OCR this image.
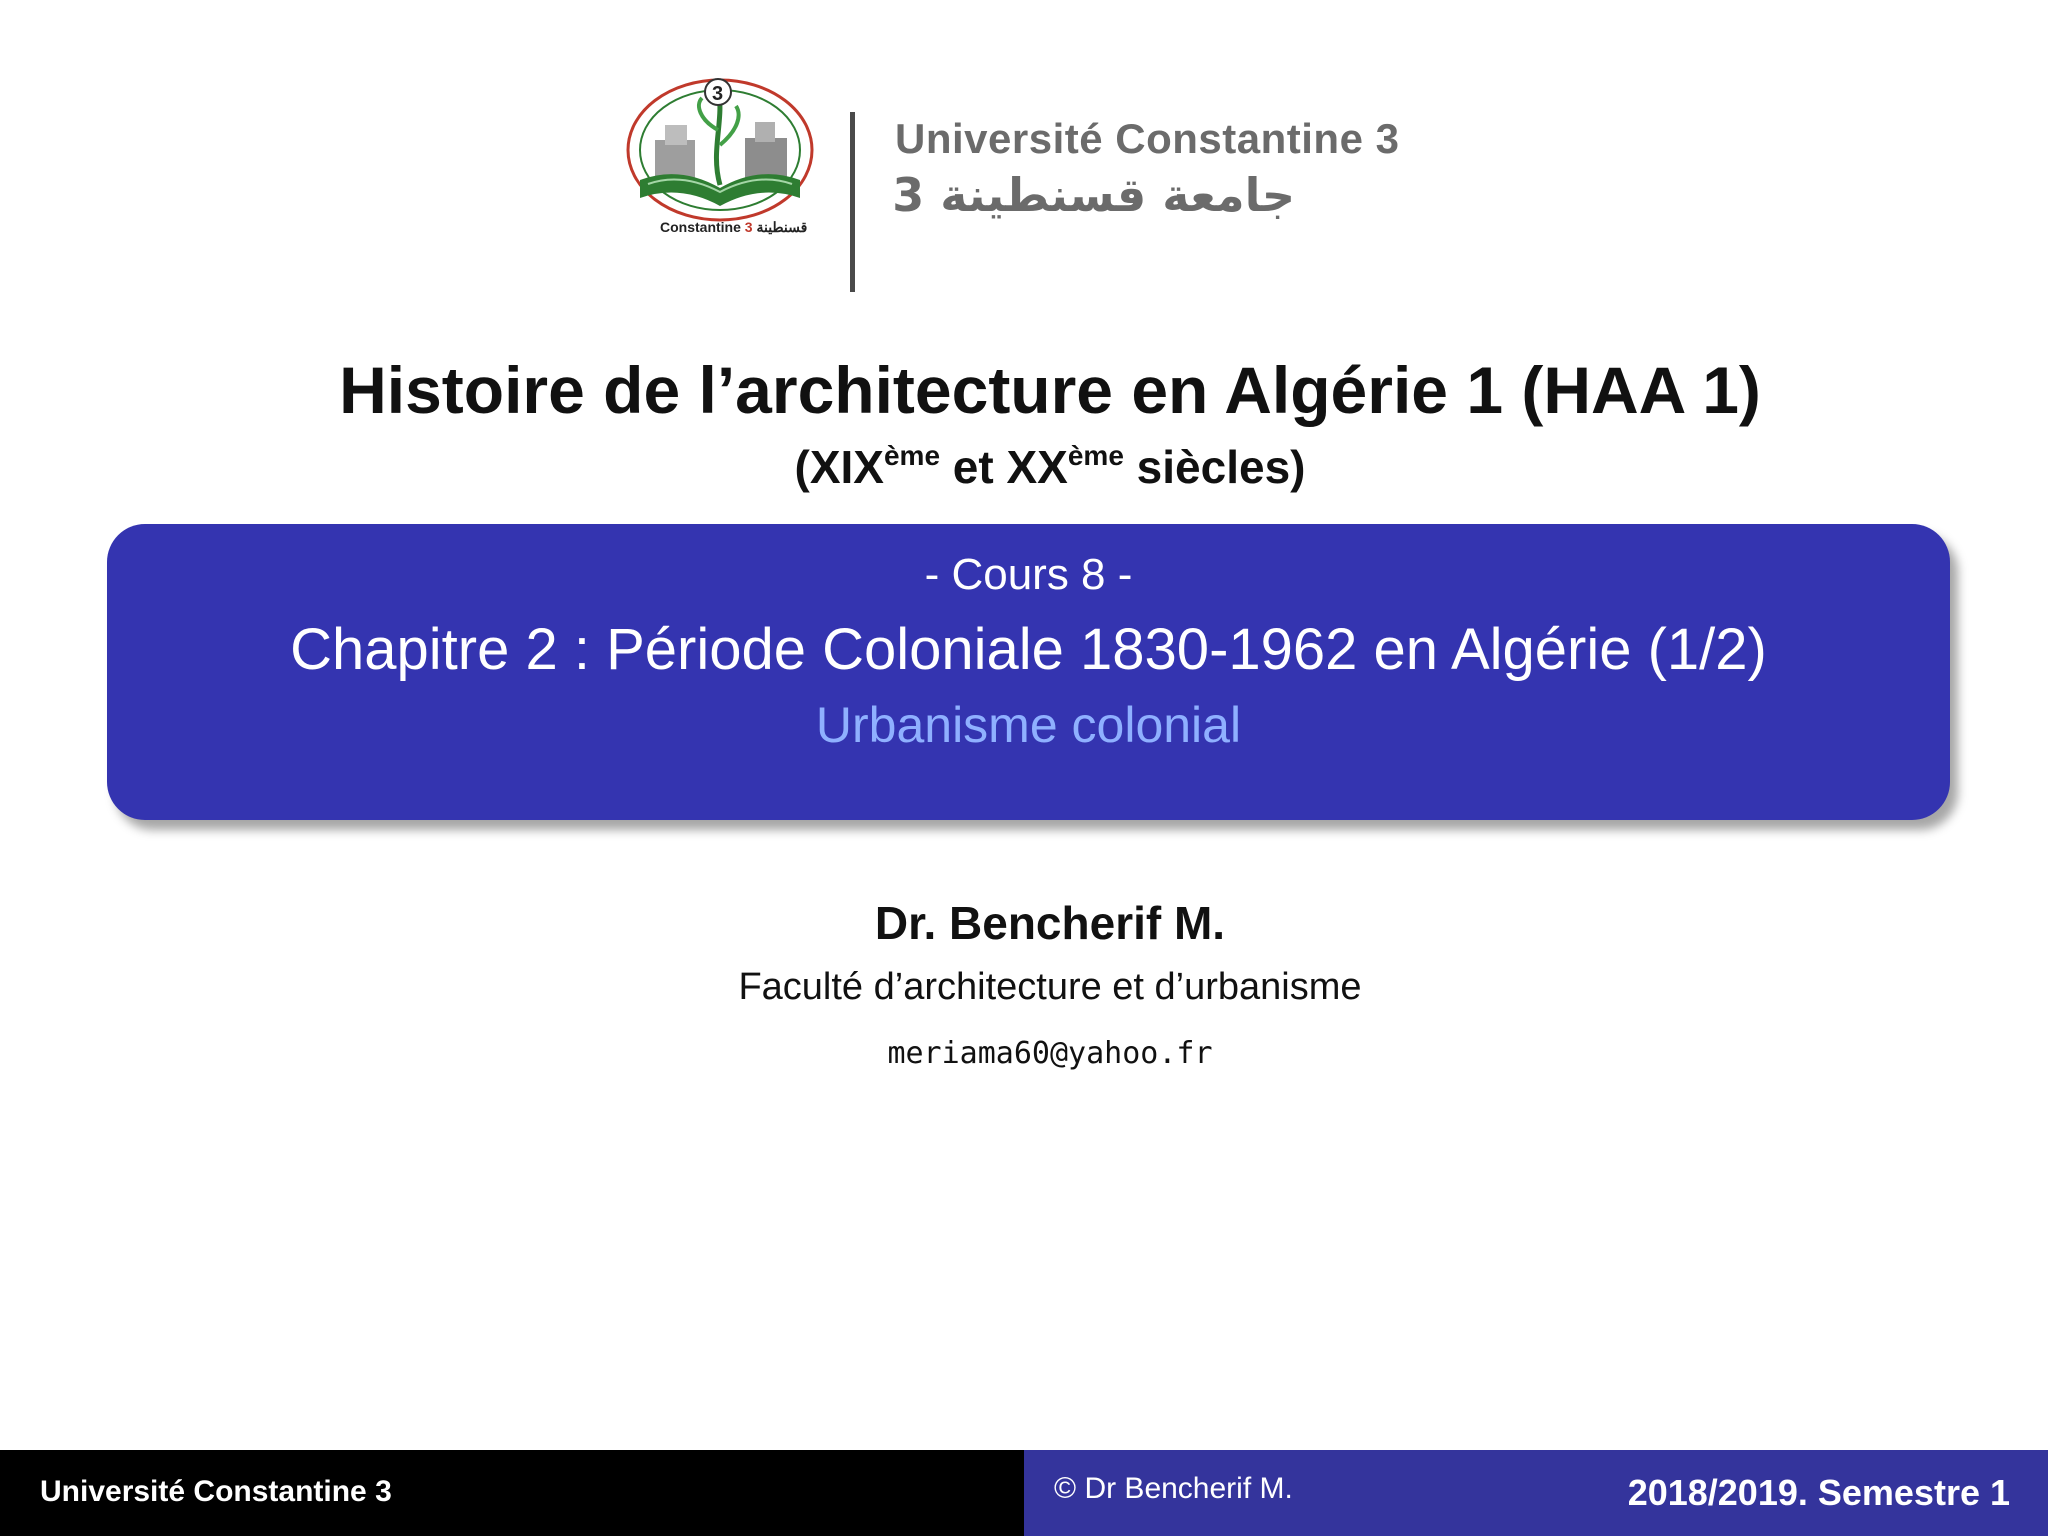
3
Constantine 3 قسنطينة
Université Constantine 3
جامعة قسنطينة 3
Histoire de l’architecture en Algérie 1 (HAA 1)
(XIXème et XXème siècles)
- Cours 8 -
Chapitre 2 : Période Coloniale 1830-1962 en Algérie (1/2)
Urbanisme colonial
Dr. Bencherif M.
Faculté d’architecture et d’urbanisme
meriama60@yahoo.fr
Université Constantine 3	© Dr Bencherif M.	2018/2019. Semestre 1
